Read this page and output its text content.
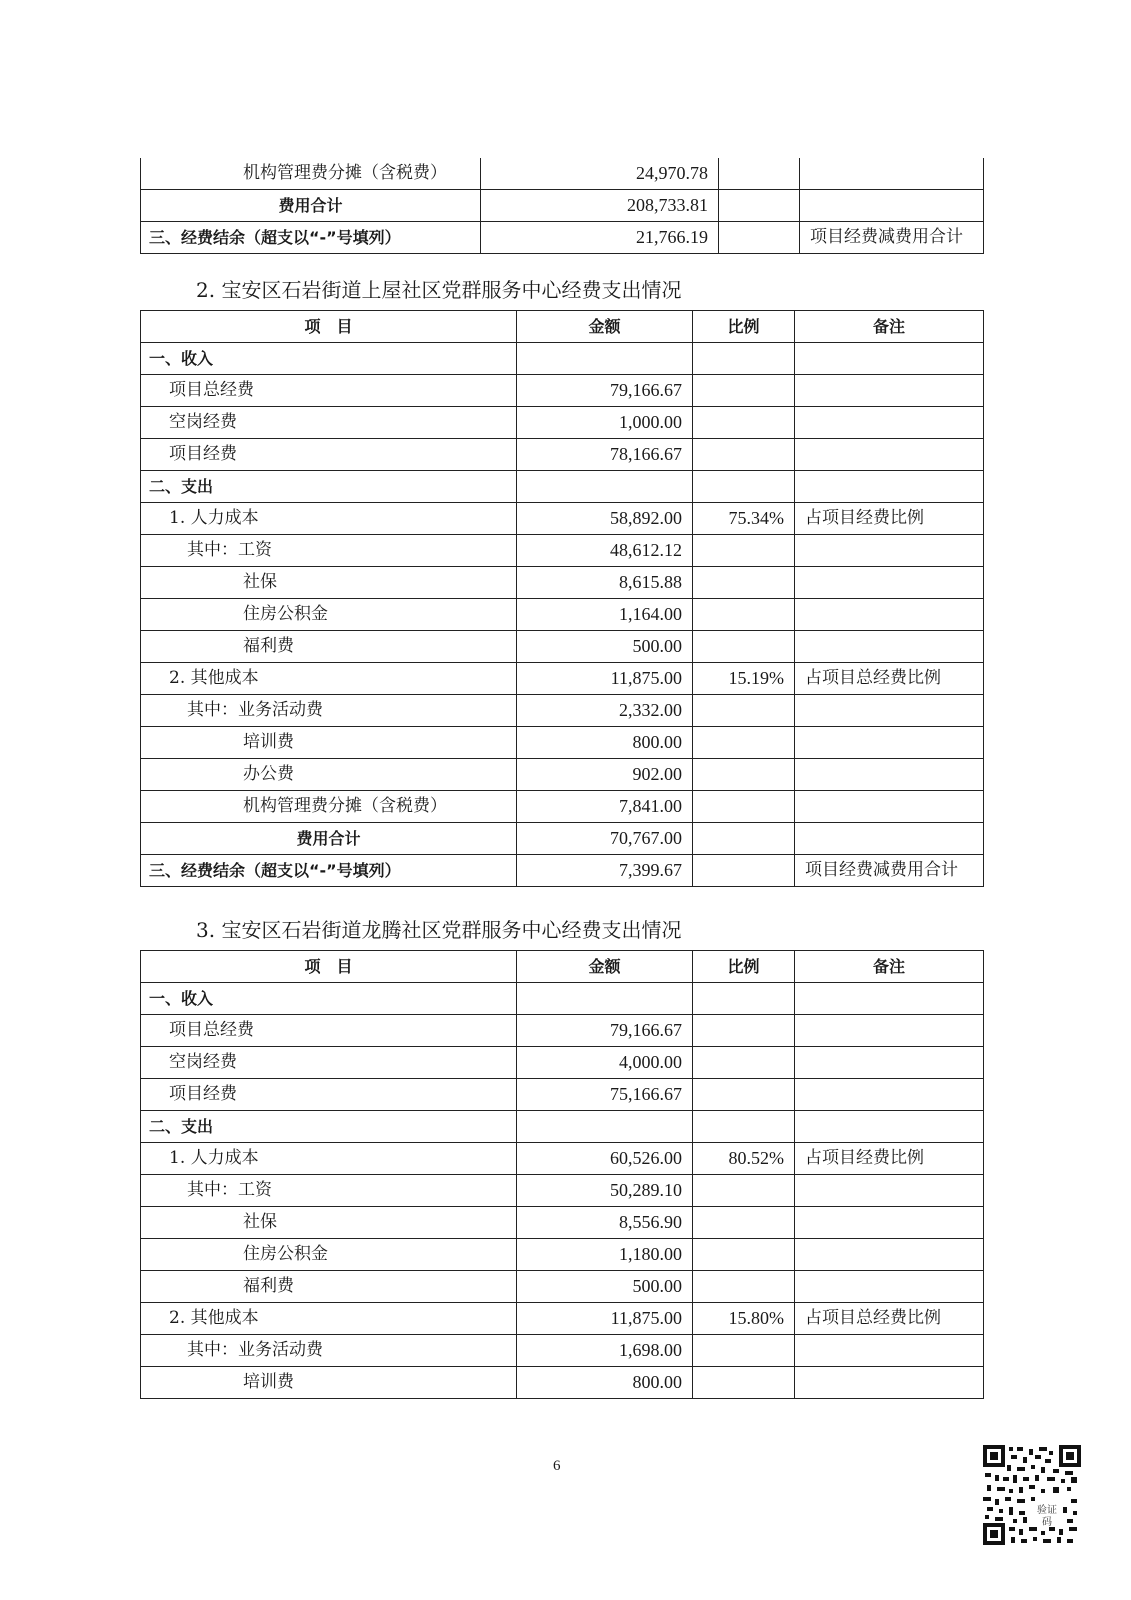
机构管理费分摊（含税费）	24,970.78		
费用合计	208,733.81		
三、经费结余（超支以“-”号填列）	21,766.19		项目经费减费用合计
2. 宝安区石岩街道上屋社区党群服务中心经费支出情况
项　目	金额	比例	备注
一、收入			
项目总经费	79,166.67		
空岗经费	1,000.00		
项目经费	78,166.67		
二、支出			
1. 人力成本	58,892.00	75.34%	占项目经费比例
其中：工资	48,612.12		
社保	8,615.88		
住房公积金	1,164.00		
福利费	500.00		
2. 其他成本	11,875.00	15.19%	占项目总经费比例
其中：业务活动费	2,332.00		
培训费	800.00		
办公费	902.00		
机构管理费分摊（含税费）	7,841.00		
费用合计	70,767.00		
三、经费结余（超支以“-”号填列）	7,399.67		项目经费减费用合计
3. 宝安区石岩街道龙腾社区党群服务中心经费支出情况
项　目	金额	比例	备注
一、收入			
项目总经费	79,166.67		
空岗经费	4,000.00		
项目经费	75,166.67		
二、支出			
1. 人力成本	60,526.00	80.52%	占项目经费比例
其中：工资	50,289.10		
社保	8,556.90		
住房公积金	1,180.00		
福利费	500.00		
2. 其他成本	11,875.00	15.80%	占项目总经费比例
其中：业务活动费	1,698.00		
培训费	800.00		
6
验证
码
